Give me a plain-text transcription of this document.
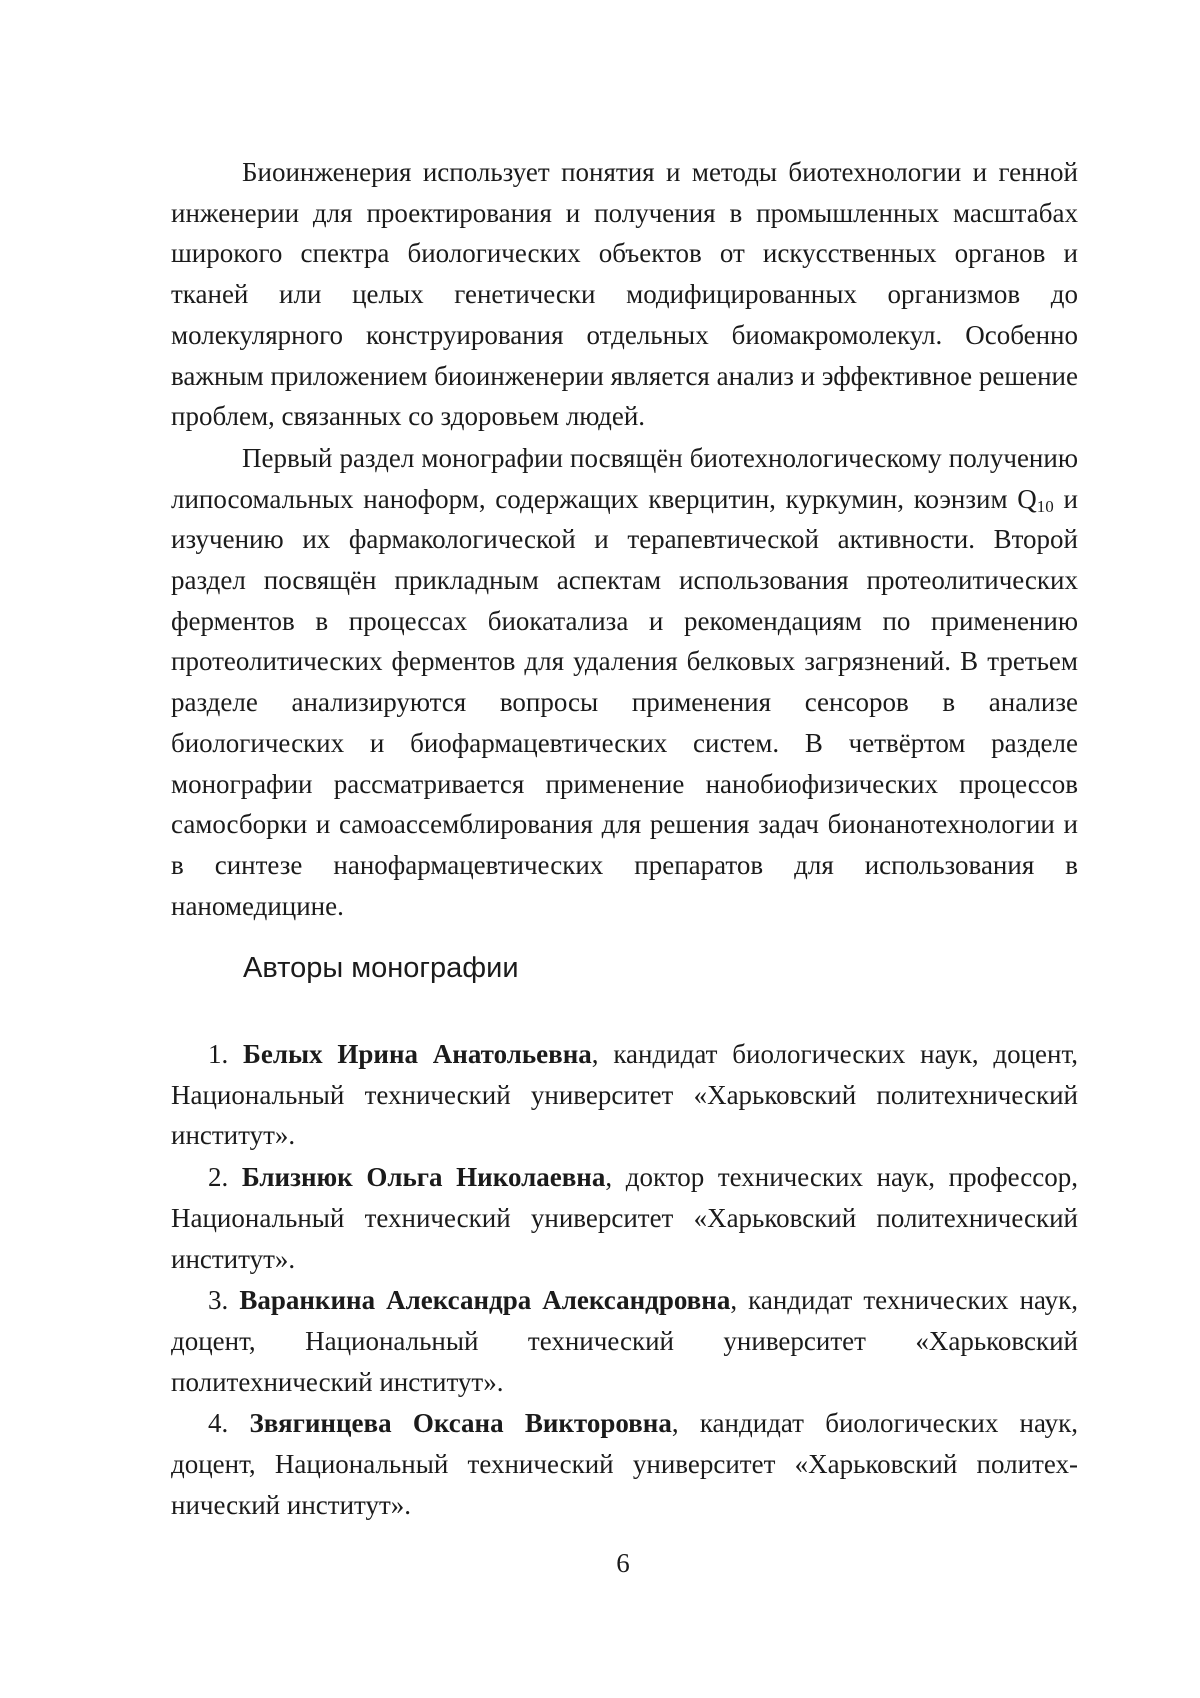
Биоинженерия использует понятия и методы биотехнологии и генной инженерии для проектирования и получения в промышленных масштабах широкого спектра биологических объектов от искусственных органов и тканей или целых генетически модифицированных организмов до молекулярного конструирования отдельных биомакромолекул. Особенно важным приложением биоинженерии является анализ и эффективное решение проблем, связанных со здоровьем людей.

Первый раздел монографии посвящён биотехнологическому получению липосомальных наноформ, содержащих кверцитин, куркумин, коэнзим $Q_{10}$ и изучению их фармакологической и терапевтической активности. Второй раздел посвящён прикладным аспектам использования протеолитических ферментов в процессах биокатализа и рекомендациям по применению протеолитических ферментов для удаления белковых загрязнений. В третьем разделе анализируются вопросы применения сенсоров в анализе биологических и биофармацевтических систем. В четвёртом разделе монографии рассматривается применение нанобиофизических процессов самосборки и самоассемблирования для решения задач бионанотехнологии и в синтезе нанофармацевтических препаратов для использования в наномедицине.

Авторы монографии
1. Белых Ирина Анатольевна, кандидат биологических наук, доцент, Национальный технический университет «Харьковский политехнический институт».
2. Близнюк Ольга Николаевна, доктор технических наук, профессор, Национальный технический университет «Харьковский политехнический институт».
3. Варанкина Александра Александровна, кандидат технических наук, доцент, Национальный технический университет «Харьковский политехнический институт».
4. Звягинцева Оксана Викторовна, кандидат биологических наук, доцент, Национальный технический университет «Харьковский политехнический институт».
6
